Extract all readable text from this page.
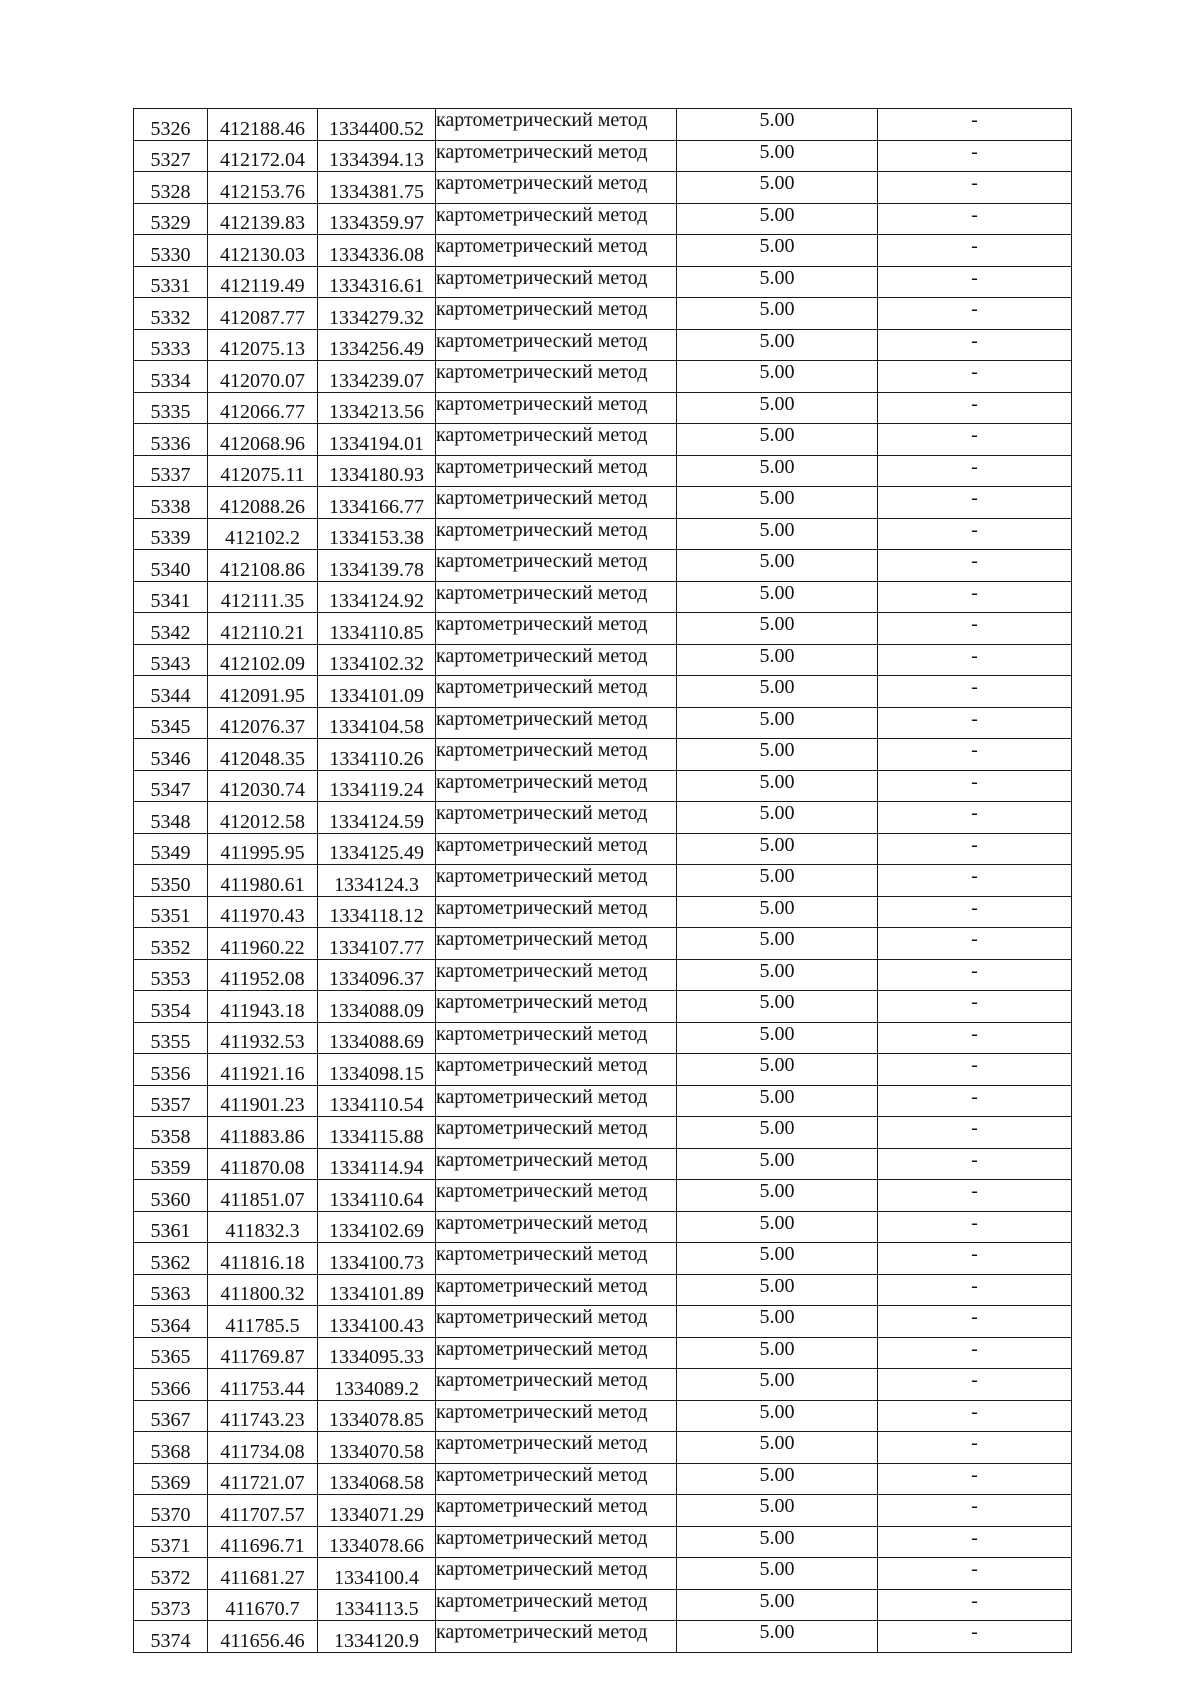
5326	412188.46	1334400.52	картометрический метод	5.00	-
5327	412172.04	1334394.13	картометрический метод	5.00	-
5328	412153.76	1334381.75	картометрический метод	5.00	-
5329	412139.83	1334359.97	картометрический метод	5.00	-
5330	412130.03	1334336.08	картометрический метод	5.00	-
5331	412119.49	1334316.61	картометрический метод	5.00	-
5332	412087.77	1334279.32	картометрический метод	5.00	-
5333	412075.13	1334256.49	картометрический метод	5.00	-
5334	412070.07	1334239.07	картометрический метод	5.00	-
5335	412066.77	1334213.56	картометрический метод	5.00	-
5336	412068.96	1334194.01	картометрический метод	5.00	-
5337	412075.11	1334180.93	картометрический метод	5.00	-
5338	412088.26	1334166.77	картометрический метод	5.00	-
5339	412102.2	1334153.38	картометрический метод	5.00	-
5340	412108.86	1334139.78	картометрический метод	5.00	-
5341	412111.35	1334124.92	картометрический метод	5.00	-
5342	412110.21	1334110.85	картометрический метод	5.00	-
5343	412102.09	1334102.32	картометрический метод	5.00	-
5344	412091.95	1334101.09	картометрический метод	5.00	-
5345	412076.37	1334104.58	картометрический метод	5.00	-
5346	412048.35	1334110.26	картометрический метод	5.00	-
5347	412030.74	1334119.24	картометрический метод	5.00	-
5348	412012.58	1334124.59	картометрический метод	5.00	-
5349	411995.95	1334125.49	картометрический метод	5.00	-
5350	411980.61	1334124.3	картометрический метод	5.00	-
5351	411970.43	1334118.12	картометрический метод	5.00	-
5352	411960.22	1334107.77	картометрический метод	5.00	-
5353	411952.08	1334096.37	картометрический метод	5.00	-
5354	411943.18	1334088.09	картометрический метод	5.00	-
5355	411932.53	1334088.69	картометрический метод	5.00	-
5356	411921.16	1334098.15	картометрический метод	5.00	-
5357	411901.23	1334110.54	картометрический метод	5.00	-
5358	411883.86	1334115.88	картометрический метод	5.00	-
5359	411870.08	1334114.94	картометрический метод	5.00	-
5360	411851.07	1334110.64	картометрический метод	5.00	-
5361	411832.3	1334102.69	картометрический метод	5.00	-
5362	411816.18	1334100.73	картометрический метод	5.00	-
5363	411800.32	1334101.89	картометрический метод	5.00	-
5364	411785.5	1334100.43	картометрический метод	5.00	-
5365	411769.87	1334095.33	картометрический метод	5.00	-
5366	411753.44	1334089.2	картометрический метод	5.00	-
5367	411743.23	1334078.85	картометрический метод	5.00	-
5368	411734.08	1334070.58	картометрический метод	5.00	-
5369	411721.07	1334068.58	картометрический метод	5.00	-
5370	411707.57	1334071.29	картометрический метод	5.00	-
5371	411696.71	1334078.66	картометрический метод	5.00	-
5372	411681.27	1334100.4	картометрический метод	5.00	-
5373	411670.7	1334113.5	картометрический метод	5.00	-
5374	411656.46	1334120.9	картометрический метод	5.00	-
